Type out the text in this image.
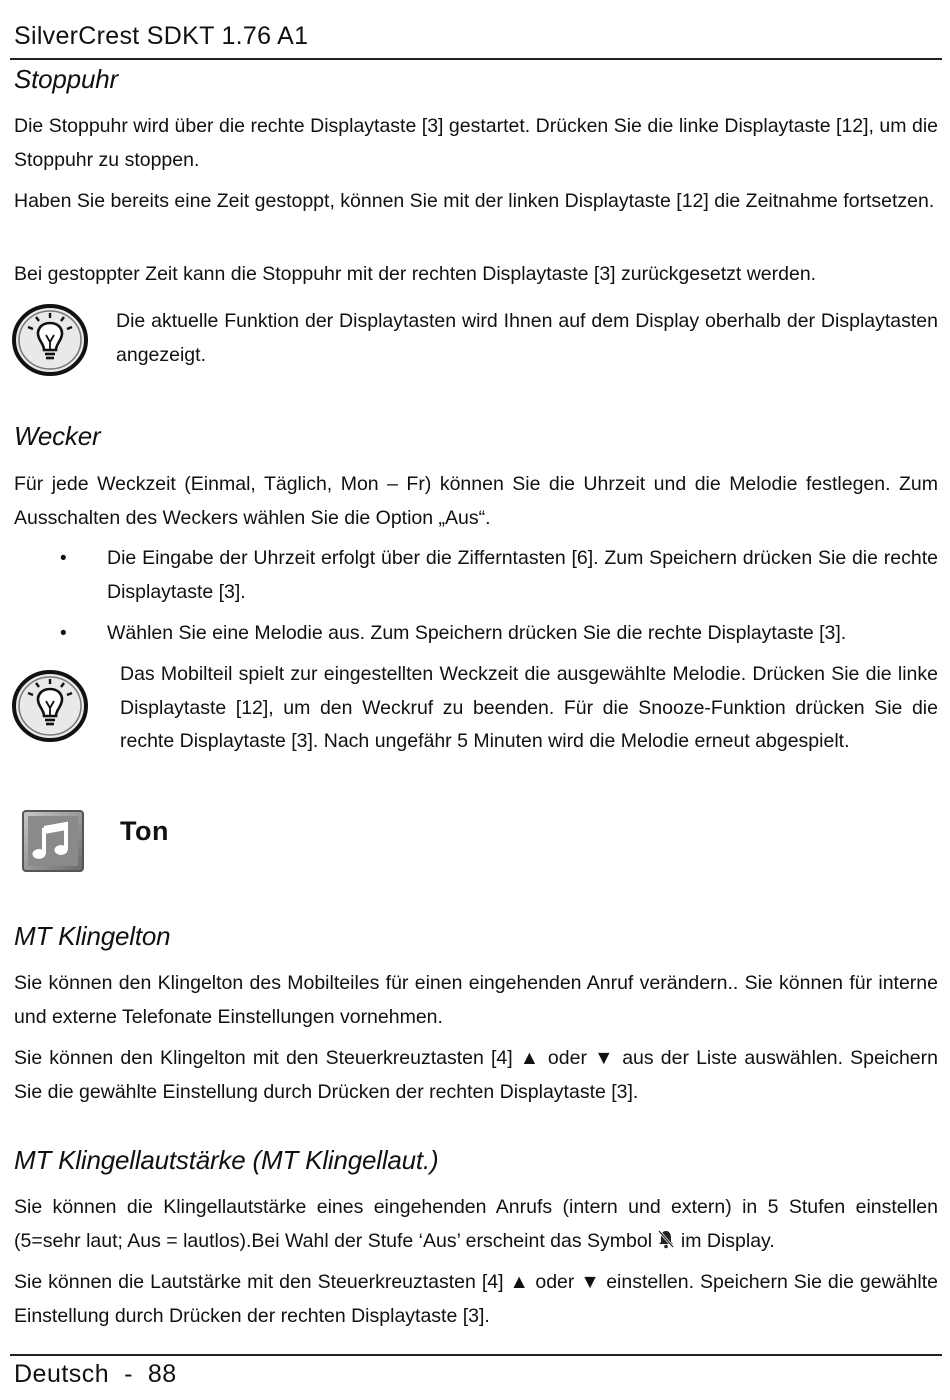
SilverCrest SDKT 1.76 A1
Stoppuhr
Die Stoppuhr wird über die rechte Displaytaste [3] gestartet. Drücken Sie die linke Displaytaste [12], um die Stoppuhr zu stoppen.
Haben Sie bereits eine Zeit gestoppt, können Sie mit der linken Displaytaste [12] die Zeitnahme fortsetzen.
Bei gestoppter Zeit kann die Stoppuhr mit der rechten Displaytaste [3] zurückgesetzt werden.
Die aktuelle Funktion der Displaytasten wird Ihnen auf dem Display oberhalb der Displaytasten angezeigt.
Wecker
Für jede Weckzeit (Einmal, Täglich, Mon – Fr) können Sie die Uhrzeit und die Melodie festlegen. Zum Ausschalten des Weckers wählen Sie die Option „Aus“.
• Die Eingabe der Uhrzeit erfolgt über die Zifferntasten [6]. Zum Speichern drücken Sie die rechte Displaytaste [3].
• Wählen Sie eine Melodie aus. Zum Speichern drücken Sie die rechte Displaytaste [3].
Das Mobilteil spielt zur eingestellten Weckzeit die ausgewählte Melodie. Drücken Sie die linke Displaytaste [12], um den Weckruf zu beenden. Für die Snooze-Funktion drücken Sie die rechte Displaytaste [3]. Nach ungefähr 5 Minuten wird die Melodie erneut abgespielt.
Ton
MT Klingelton
Sie können den Klingelton des Mobilteiles für einen eingehenden Anruf verändern.. Sie können für interne und externe Telefonate Einstellungen vornehmen.
Sie können den Klingelton mit den Steuerkreuztasten [4] ▲ oder ▼ aus der Liste auswählen. Speichern Sie die gewählte Einstellung durch Drücken der rechten Displaytaste [3].
MT Klingellautstärke (MT Klingellaut.)
Sie können die Klingellautstärke eines eingehenden Anrufs (intern und extern) in 5 Stufen einstellen (5=sehr laut; Aus = lautlos).Bei Wahl der Stufe ‘Aus’ erscheint das Symbol  im Display.
Sie können die Lautstärke mit den Steuerkreuztasten [4] ▲ oder ▼ einstellen. Speichern Sie die gewählte Einstellung durch Drücken der rechten Displaytaste [3].
Deutsch  -  88
